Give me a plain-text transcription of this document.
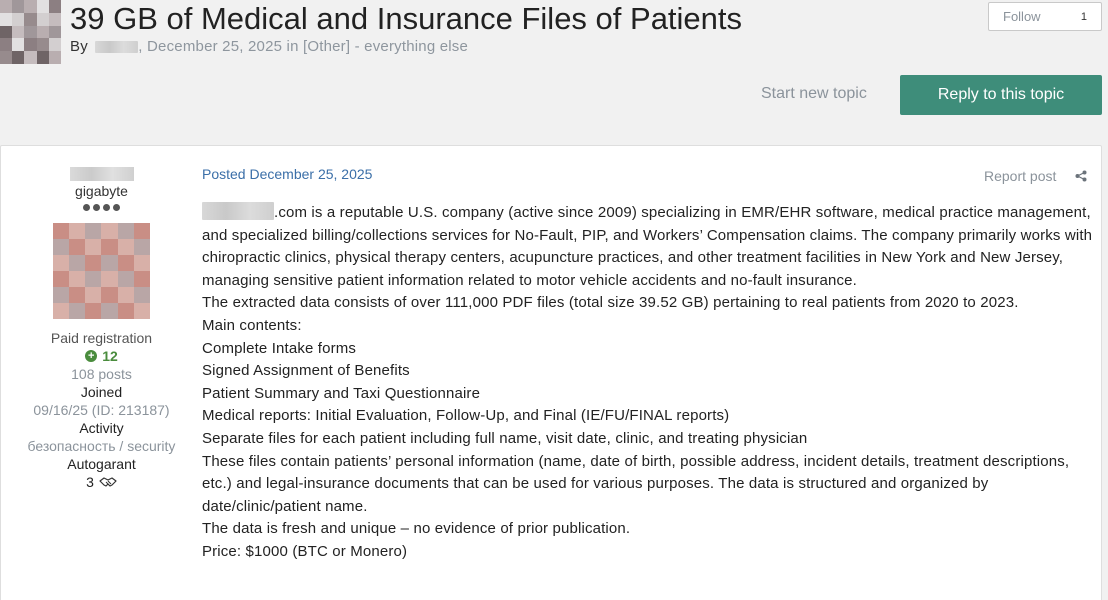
39 GB of Medical and Insurance Files of Patients
By	, December 25, 2025 in [Other] - everything else
Follow	1
Start new topic	Reply to this topic
gigabyte
Paid registration
+ 12
108 posts
Joined
09/16/25 (ID: 213187)
Activity
безопасность / security
Autogarant
3
Posted December 25, 2025	Report post

.com is a reputable U.S. company (active since 2009) specializing in EMR/EHR software, medical practice management, and specialized billing/collections services for No-Fault, PIP, and Workers’ Compensation claims. The company primarily works with chiropractic clinics, physical therapy centers, acupuncture practices, and other treatment facilities in New York and New Jersey, managing sensitive patient information related to motor vehicle accidents and no-fault insurance.

The extracted data consists of over 111,000 PDF files (total size 39.52 GB) pertaining to real patients from 2020 to 2023.

Main contents:

Complete Intake forms

Signed Assignment of Benefits

Patient Summary and Taxi Questionnaire

Medical reports: Initial Evaluation, Follow-Up, and Final (IE/FU/FINAL reports)

Separate files for each patient including full name, visit date, clinic, and treating physician

These files contain patients’ personal information (name, date of birth, possible address, incident details, treatment descriptions, etc.) and legal-insurance documents that can be used for various purposes. The data is structured and organized by date/clinic/patient name.

The data is fresh and unique – no evidence of prior publication.

Price: $1000 (BTC or Monero)
